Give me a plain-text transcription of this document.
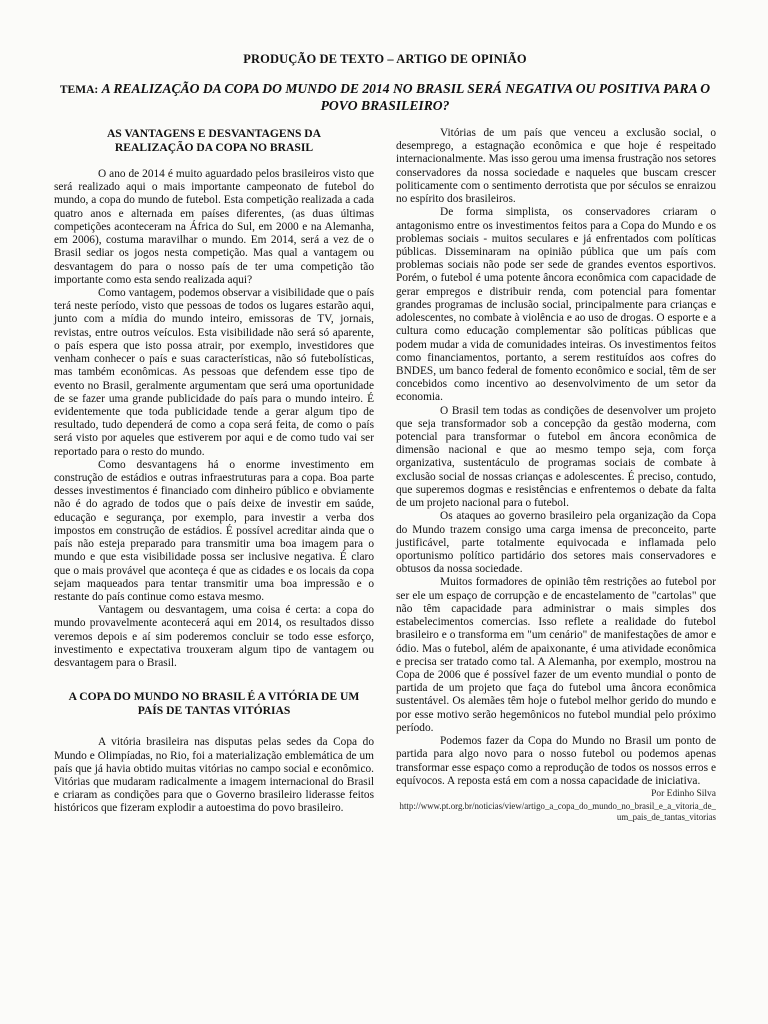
PRODUÇÃO DE TEXTO – ARTIGO DE OPINIÃO
TEMA: A REALIZAÇÃO DA COPA DO MUNDO DE 2014 NO BRASIL SERÁ NEGATIVA OU POSITIVA PARA O POVO BRASILEIRO?
AS VANTAGENS E DESVANTAGENS DA REALIZAÇÃO DA COPA NO BRASIL

O ano de 2014 é muito aguardado pelos brasileiros visto que será realizado aqui o mais importante campeonato de futebol do mundo, a copa do mundo de futebol. Esta competição realizada a cada quatro anos e alternada em países diferentes, (as duas últimas competições aconteceram na África do Sul, em 2000 e na Alemanha, em 2006), costuma maravilhar o mundo. Em 2014, será a vez de o Brasil sediar os jogos nesta competição. Mas qual a vantagem ou desvantagem do para o nosso país de ter uma competição tão importante como esta sendo realizada aqui?

Como vantagem, podemos observar a visibilidade que o país terá neste período, visto que pessoas de todos os lugares estarão aqui, junto com a mídia do mundo inteiro, emissoras de TV, jornais, revistas, entre outros veículos. Esta visibilidade não será só aparente, o país espera que isto possa atrair, por exemplo, investidores que venham conhecer o país e suas características, não só futebolísticas, mas também econômicas. As pessoas que defendem esse tipo de evento no Brasil, geralmente argumentam que será uma oportunidade de se fazer uma grande publicidade do país para o mundo inteiro. É evidentemente que toda publicidade tende a gerar algum tipo de resultado, tudo dependerá de como a copa será feita, de como o país será visto por aqueles que estiverem por aqui e de como tudo vai ser reportado para o resto do mundo.

Como desvantagens há o enorme investimento em construção de estádios e outras infraestruturas para a copa. Boa parte desses investimentos é financiado com dinheiro público e obviamente não é do agrado de todos que o país deixe de investir em saúde, educação e segurança, por exemplo, para investir a verba dos impostos em construção de estádios. É possível acreditar ainda que o país não esteja preparado para transmitir uma boa imagem para o mundo e que esta visibilidade possa ser inclusive negativa. É claro que o mais provável que aconteça é que as cidades e os locais da copa sejam maqueados para tentar transmitir uma boa impressão e o restante do país continue como estava mesmo.

Vantagem ou desvantagem, uma coisa é certa: a copa do mundo provavelmente acontecerá aqui em 2014, os resultados disso veremos depois e aí sim poderemos concluir se todo esse esforço, investimento e expectativa trouxeram algum tipo de vantagem ou desvantagem para o Brasil.

A COPA DO MUNDO NO BRASIL É A VITÓRIA DE UM PAÍS DE TANTAS VITÓRIAS

A vitória brasileira nas disputas pelas sedes da Copa do Mundo e Olimpíadas, no Rio, foi a materialização emblemática de um país que já havia obtido muitas vitórias no campo social e econômico. Vitórias que mudaram radicalmente a imagem internacional do Brasil e criaram as condições para que o Governo brasileiro liderasse feitos históricos que fizeram explodir a autoestima do povo brasileiro.

Vitórias de um país que venceu a exclusão social, o desemprego, a estagnação econômica e que hoje é respeitado internacionalmente. Mas isso gerou uma imensa frustração nos setores conservadores da nossa sociedade e naqueles que buscam crescer politicamente com o sentimento derrotista que por séculos se enraizou no espírito dos brasileiros.

De forma simplista, os conservadores criaram o antagonismo entre os investimentos feitos para a Copa do Mundo e os problemas sociais - muitos seculares e já enfrentados com políticas públicas. Disseminaram na opinião pública que um país com problemas sociais não pode ser sede de grandes eventos esportivos. Porém, o futebol é uma potente âncora econômica com capacidade de gerar empregos e distribuir renda, com potencial para fomentar grandes programas de inclusão social, principalmente para crianças e adolescentes, no combate à violência e ao uso de drogas. O esporte e a cultura como educação complementar são políticas públicas que podem mudar a vida de comunidades inteiras. Os investimentos feitos como financiamentos, portanto, a serem restituídos aos cofres do BNDES, um banco federal de fomento econômico e social, têm de ser concebidos como incentivo ao desenvolvimento de um setor da economia.

O Brasil tem todas as condições de desenvolver um projeto que seja transformador sob a concepção da gestão moderna, com potencial para transformar o futebol em âncora econômica de dimensão nacional e que ao mesmo tempo seja, com força organizativa, sustentáculo de programas sociais de combate à exclusão social de nossas crianças e adolescentes. É preciso, contudo, que superemos dogmas e resistências e enfrentemos o debate da falta de um projeto nacional para o futebol.

Os ataques ao governo brasileiro pela organização da Copa do Mundo trazem consigo uma carga imensa de preconceito, parte justificável, parte totalmente equivocada e inflamada pelo oportunismo político partidário dos setores mais conservadores e obtusos da nossa sociedade.

Muitos formadores de opinião têm restrições ao futebol por ser ele um espaço de corrupção e de encastelamento de "cartolas" que não têm capacidade para administrar o mais simples dos estabelecimentos comercias. Isso reflete a realidade do futebol brasileiro e o transforma em "um cenário" de manifestações de amor e ódio. Mas o futebol, além de apaixonante, é uma atividade econômica e precisa ser tratado como tal. A Alemanha, por exemplo, mostrou na Copa de 2006 que é possível fazer de um evento mundial o ponto de partida de um projeto que faça do futebol uma âncora econômica sustentável. Os alemães têm hoje o futebol melhor gerido do mundo e por esse motivo serão hegemônicos no futebol mundial pelo próximo período.

Podemos fazer da Copa do Mundo no Brasil um ponto de partida para algo novo para o nosso futebol ou podemos apenas transformar esse espaço como a reprodução de todos os nossos erros e equívocos. A reposta está em com a nossa capacidade de iniciativa.

Por Edinho Silva
http://www.pt.org.br/noticias/view/artigo_a_copa_do_mundo_no_brasil_e_a_vitoria_de_um_pais_de_tantas_vitorias
